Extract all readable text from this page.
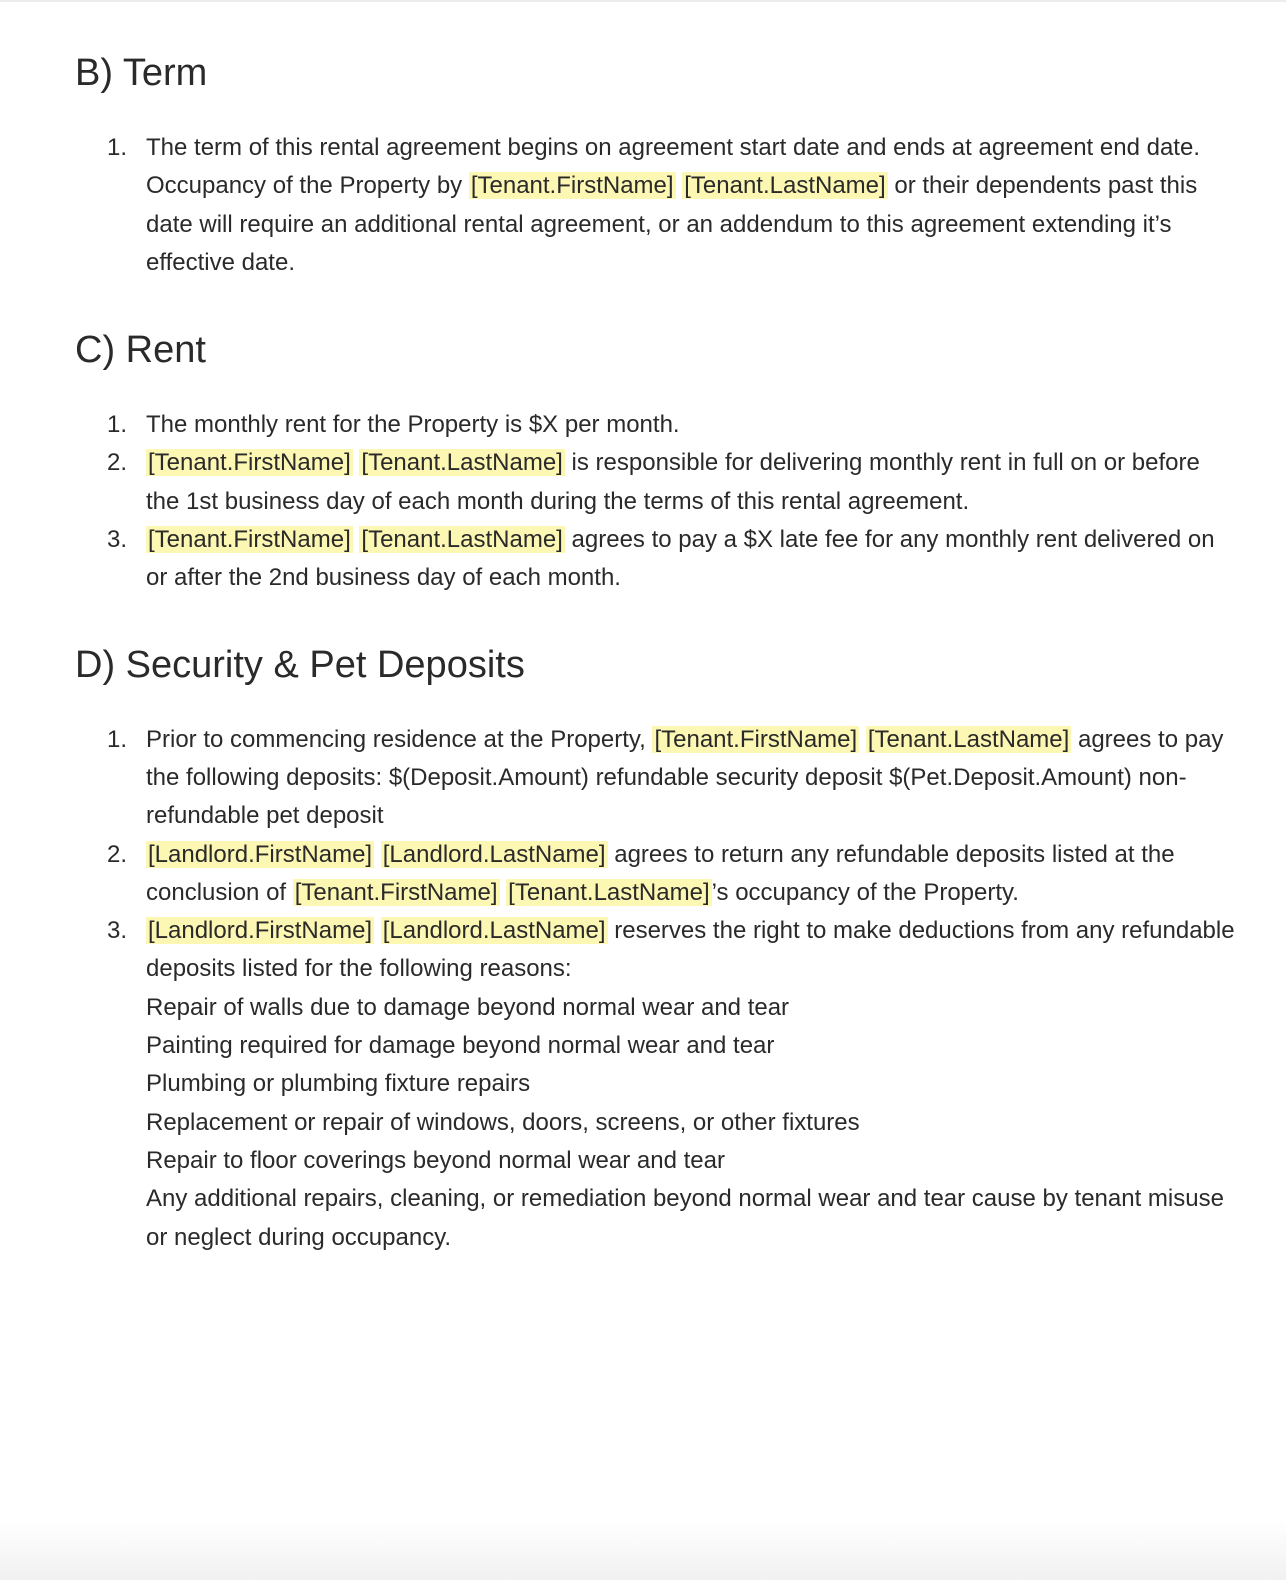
B) Term
1. The term of this rental agreement begins on agreement start date and ends at agreement end date. Occupancy of the Property by [Tenant.FirstName] [Tenant.LastName] or their dependents past this date will require an additional rental agreement, or an addendum to this agreement extending it’s effective date.
C) Rent
1. The monthly rent for the Property is $X per month.
2. [Tenant.FirstName] [Tenant.LastName] is responsible for delivering monthly rent in full on or before the 1st business day of each month during the terms of this rental agreement.
3. [Tenant.FirstName] [Tenant.LastName] agrees to pay a $X late fee for any monthly rent delivered on or after the 2nd business day of each month.
D) Security & Pet Deposits
1. Prior to commencing residence at the Property, [Tenant.FirstName] [Tenant.LastName] agrees to pay the following deposits: $(Deposit.Amount) refundable security deposit $(Pet.Deposit.Amount) non-refundable pet deposit
2. [Landlord.FirstName] [Landlord.LastName] agrees to return any refundable deposits listed at the conclusion of [Tenant.FirstName] [Tenant.LastName]’s occupancy of the Property.
3. [Landlord.FirstName] [Landlord.LastName] reserves the right to make deductions from any refundable deposits listed for the following reasons:
Repair of walls due to damage beyond normal wear and tear
Painting required for damage beyond normal wear and tear
Plumbing or plumbing fixture repairs
Replacement or repair of windows, doors, screens, or other fixtures
Repair to floor coverings beyond normal wear and tear
Any additional repairs, cleaning, or remediation beyond normal wear and tear cause by tenant misuse or neglect during occupancy.
